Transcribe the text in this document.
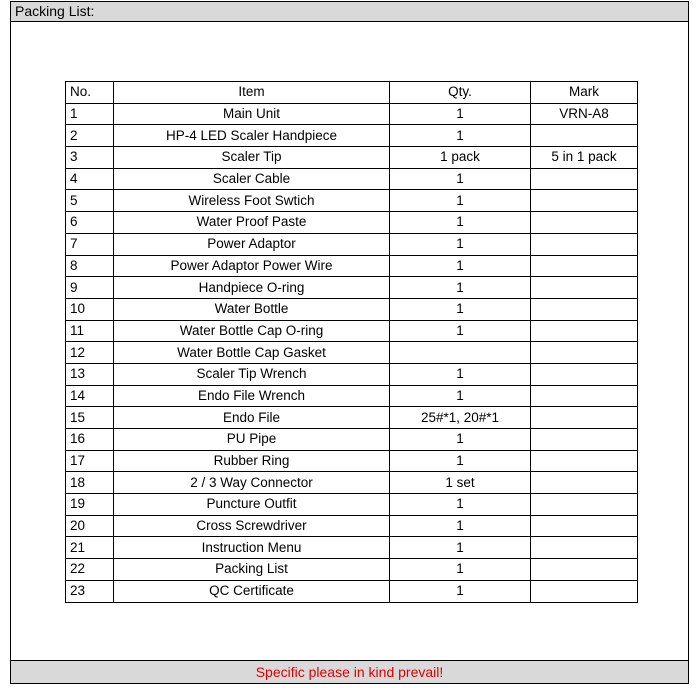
Packing List:
No.	Item	Qty.	Mark
1	Main Unit	1	VRN-A8
2	HP-4 LED Scaler Handpiece	1	
3	Scaler Tip	1 pack	5 in 1 pack
4	Scaler Cable	1	
5	Wireless Foot Swtich	1	
6	Water Proof Paste	1	
7	Power Adaptor	1	
8	Power Adaptor Power Wire	1	
9	Handpiece O-ring	1	
10	Water Bottle	1	
11	Water Bottle Cap O-ring	1	
12	Water Bottle Cap Gasket		
13	Scaler Tip Wrench	1	
14	Endo File Wrench	1	
15	Endo File	25#*1, 20#*1	
16	PU Pipe	1	
17	Rubber Ring	1	
18	2 / 3 Way Connector	1 set	
19	Puncture Outfit	1	
20	Cross Screwdriver	1	
21	Instruction Menu	1	
22	Packing List	1	
23	QC Certificate	1	
Specific please in kind prevail!
